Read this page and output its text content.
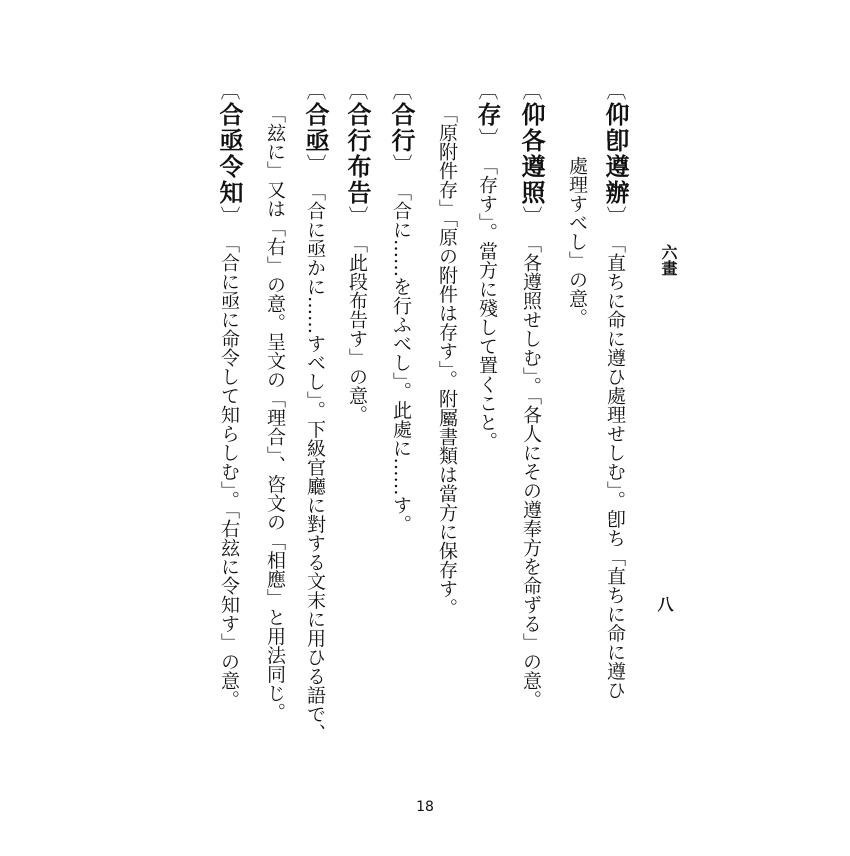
六畫
八
〔仰卽遵辦〕「直ちに命に遵ひ處理せしむ」。卽ち「直ちに命に遵ひ
處理すべし」の意。
〔仰各遵照〕「各遵照せしむ」。「各人にその遵奉方を命ずる」の意。
〔存〕「存す」。當方に殘して置くこと。
「原附件存」「原の附件は存す」。附屬書類は當方に保存す。
〔合行〕「合に……を行ふべし」。此處に……す。
〔合行布告〕「此段布告す」の意。
〔合亟〕「合に亟かに……すべし」。下級官廳に對する文末に用ひる語で、
「玆に」又は「右」の意。呈文の「理合」、咨文の「相應」と用法同じ。
〔合亟令知〕「合に亟に命令して知らしむ」。「右玆に令知す」の意。
18
